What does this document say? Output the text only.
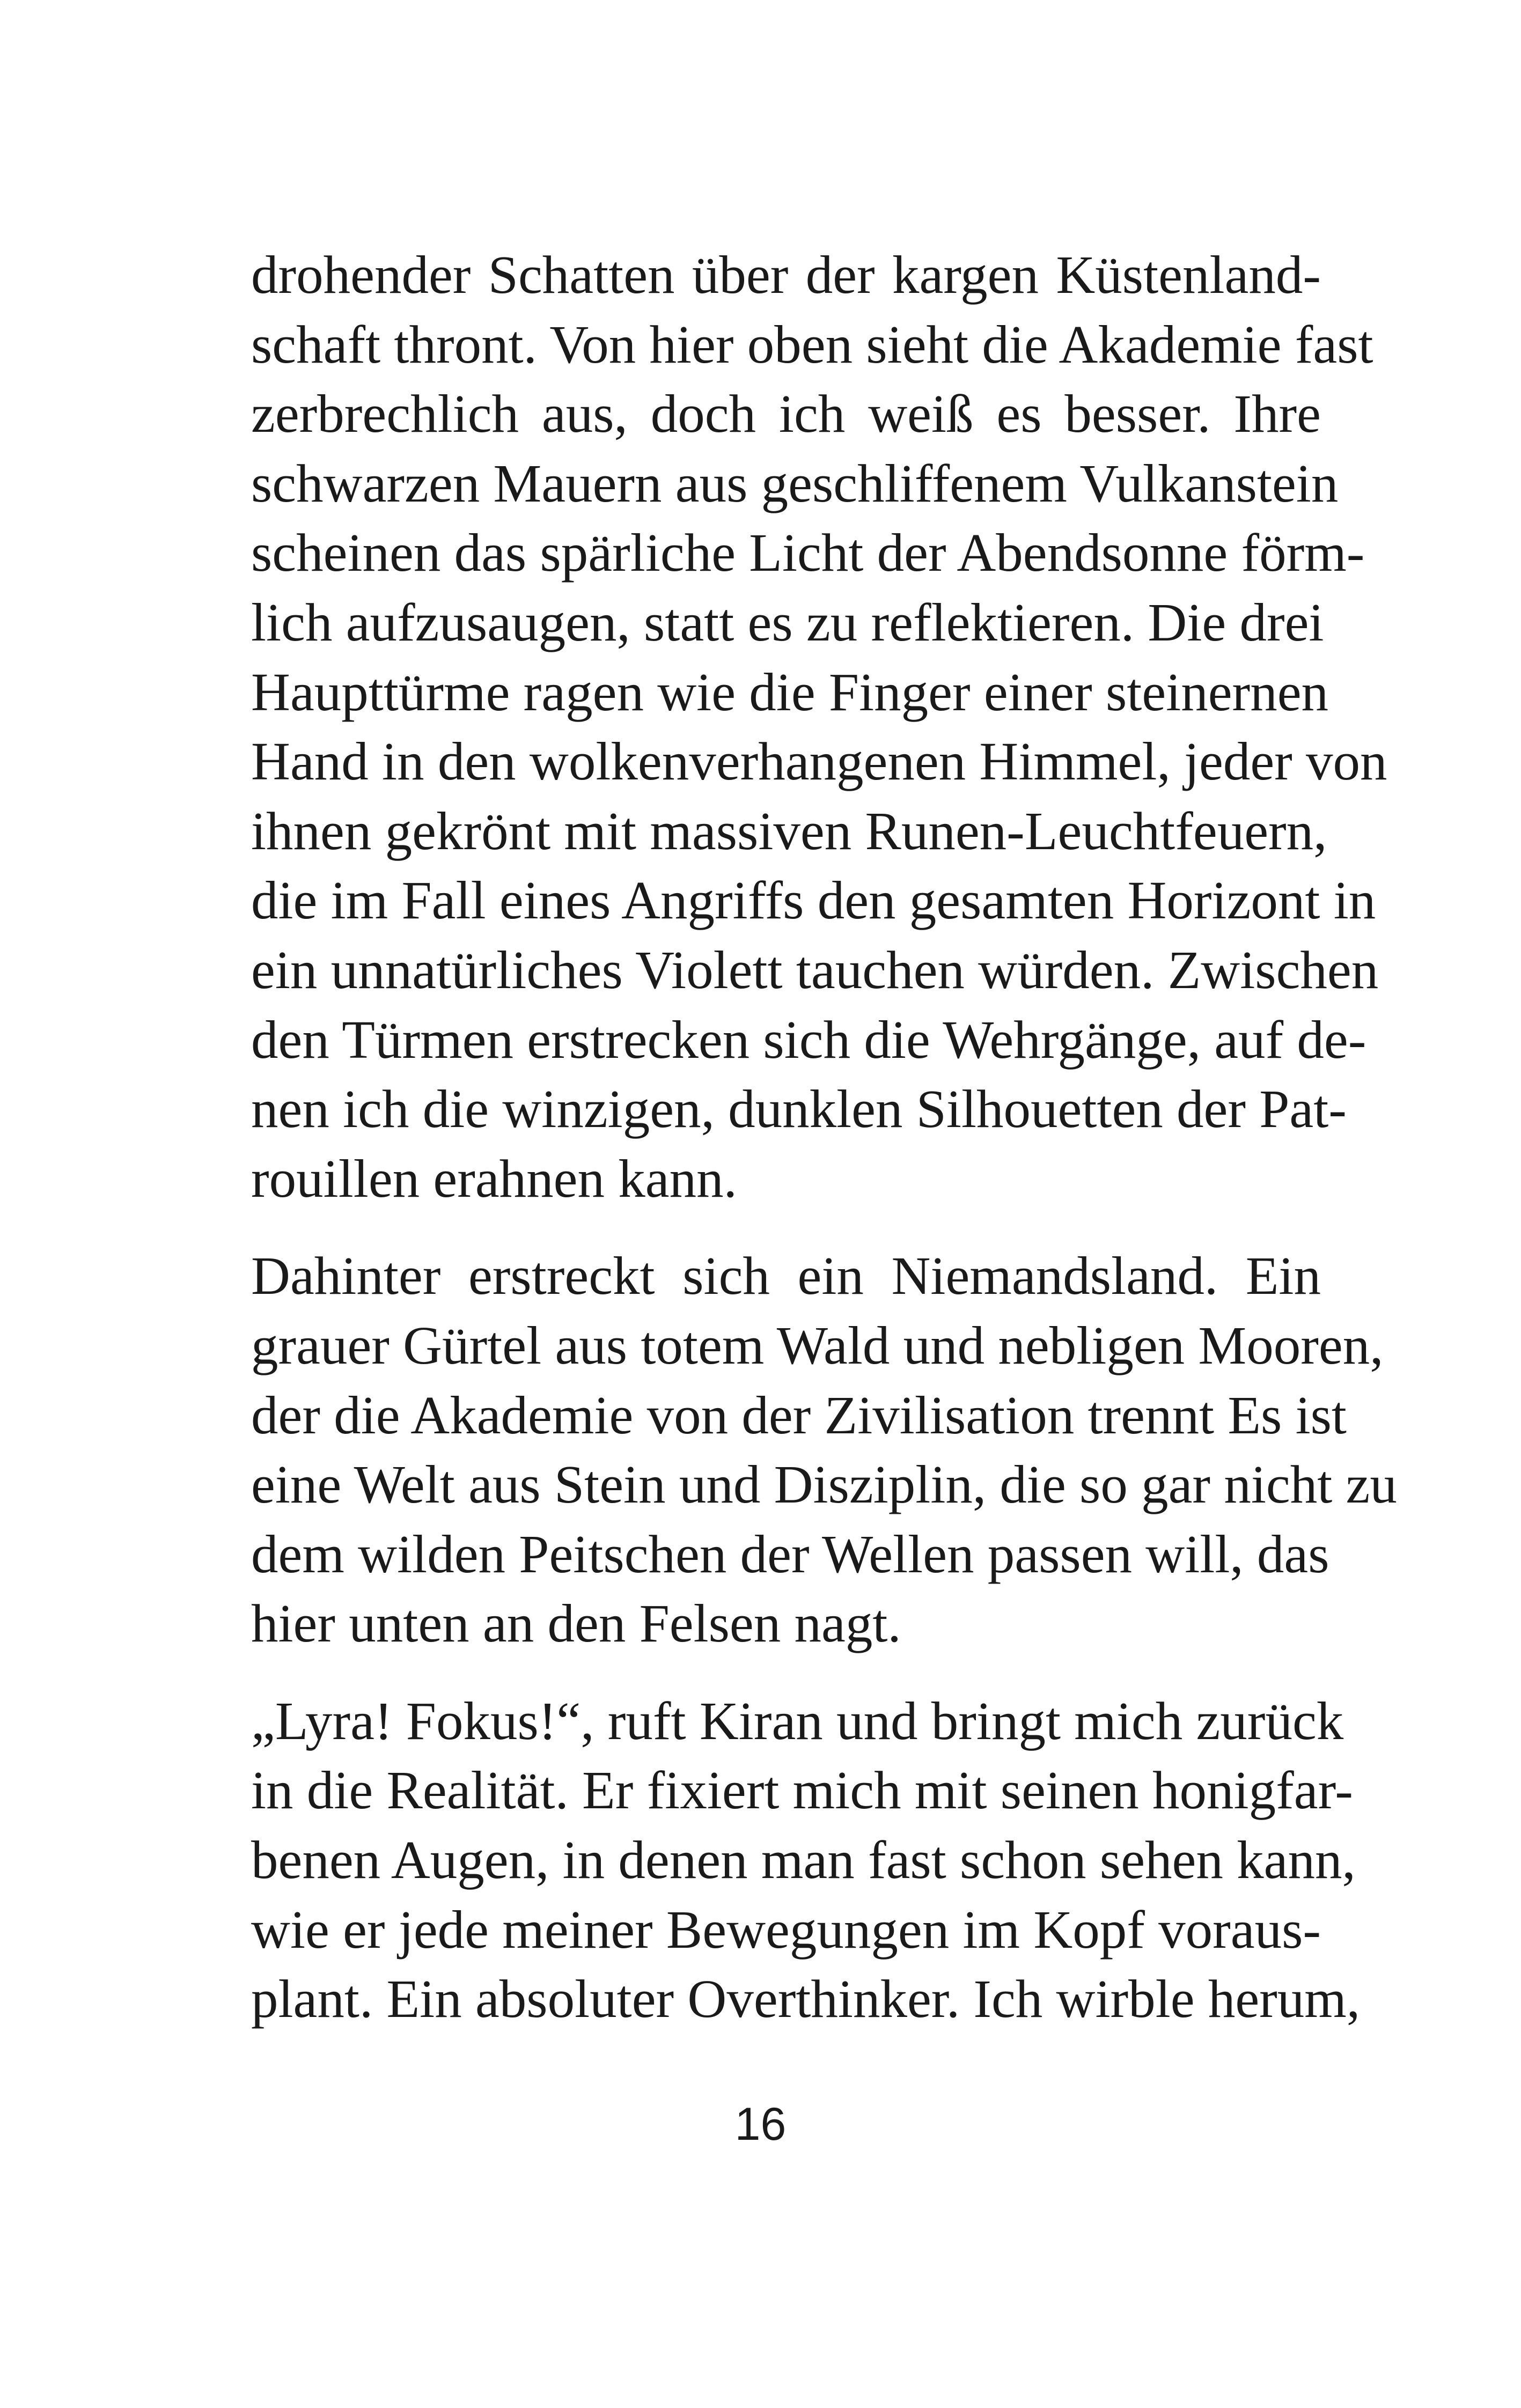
drohender Schatten über der kargen Küstenland-
schaft thront. Von hier oben sieht die Akademie fast
zerbrechlich aus, doch ich weiß es besser. Ihre
schwarzen Mauern aus geschliffenem Vulkanstein
scheinen das spärliche Licht der Abendsonne förm-
lich aufzusaugen, statt es zu reflektieren. Die drei
Haupttürme ragen wie die Finger einer steinernen
Hand in den wolkenverhangenen Himmel, jeder von
ihnen gekrönt mit massiven Runen-Leuchtfeuern,
die im Fall eines Angriffs den gesamten Horizont in
ein unnatürliches Violett tauchen würden. Zwischen
den Türmen erstrecken sich die Wehrgänge, auf de-
nen ich die winzigen, dunklen Silhouetten der Pat-
rouillen erahnen kann.

Dahinter erstreckt sich ein Niemandsland. Ein
grauer Gürtel aus totem Wald und nebligen Mooren,
der die Akademie von der Zivilisation trennt Es ist
eine Welt aus Stein und Disziplin, die so gar nicht zu
dem wilden Peitschen der Wellen passen will, das
hier unten an den Felsen nagt.

„Lyra! Fokus!“, ruft Kiran und bringt mich zurück
in die Realität. Er fixiert mich mit seinen honigfar-
benen Augen, in denen man fast schon sehen kann,
wie er jede meiner Bewegungen im Kopf voraus-
plant. Ein absoluter Overthinker. Ich wirble herum,

16
